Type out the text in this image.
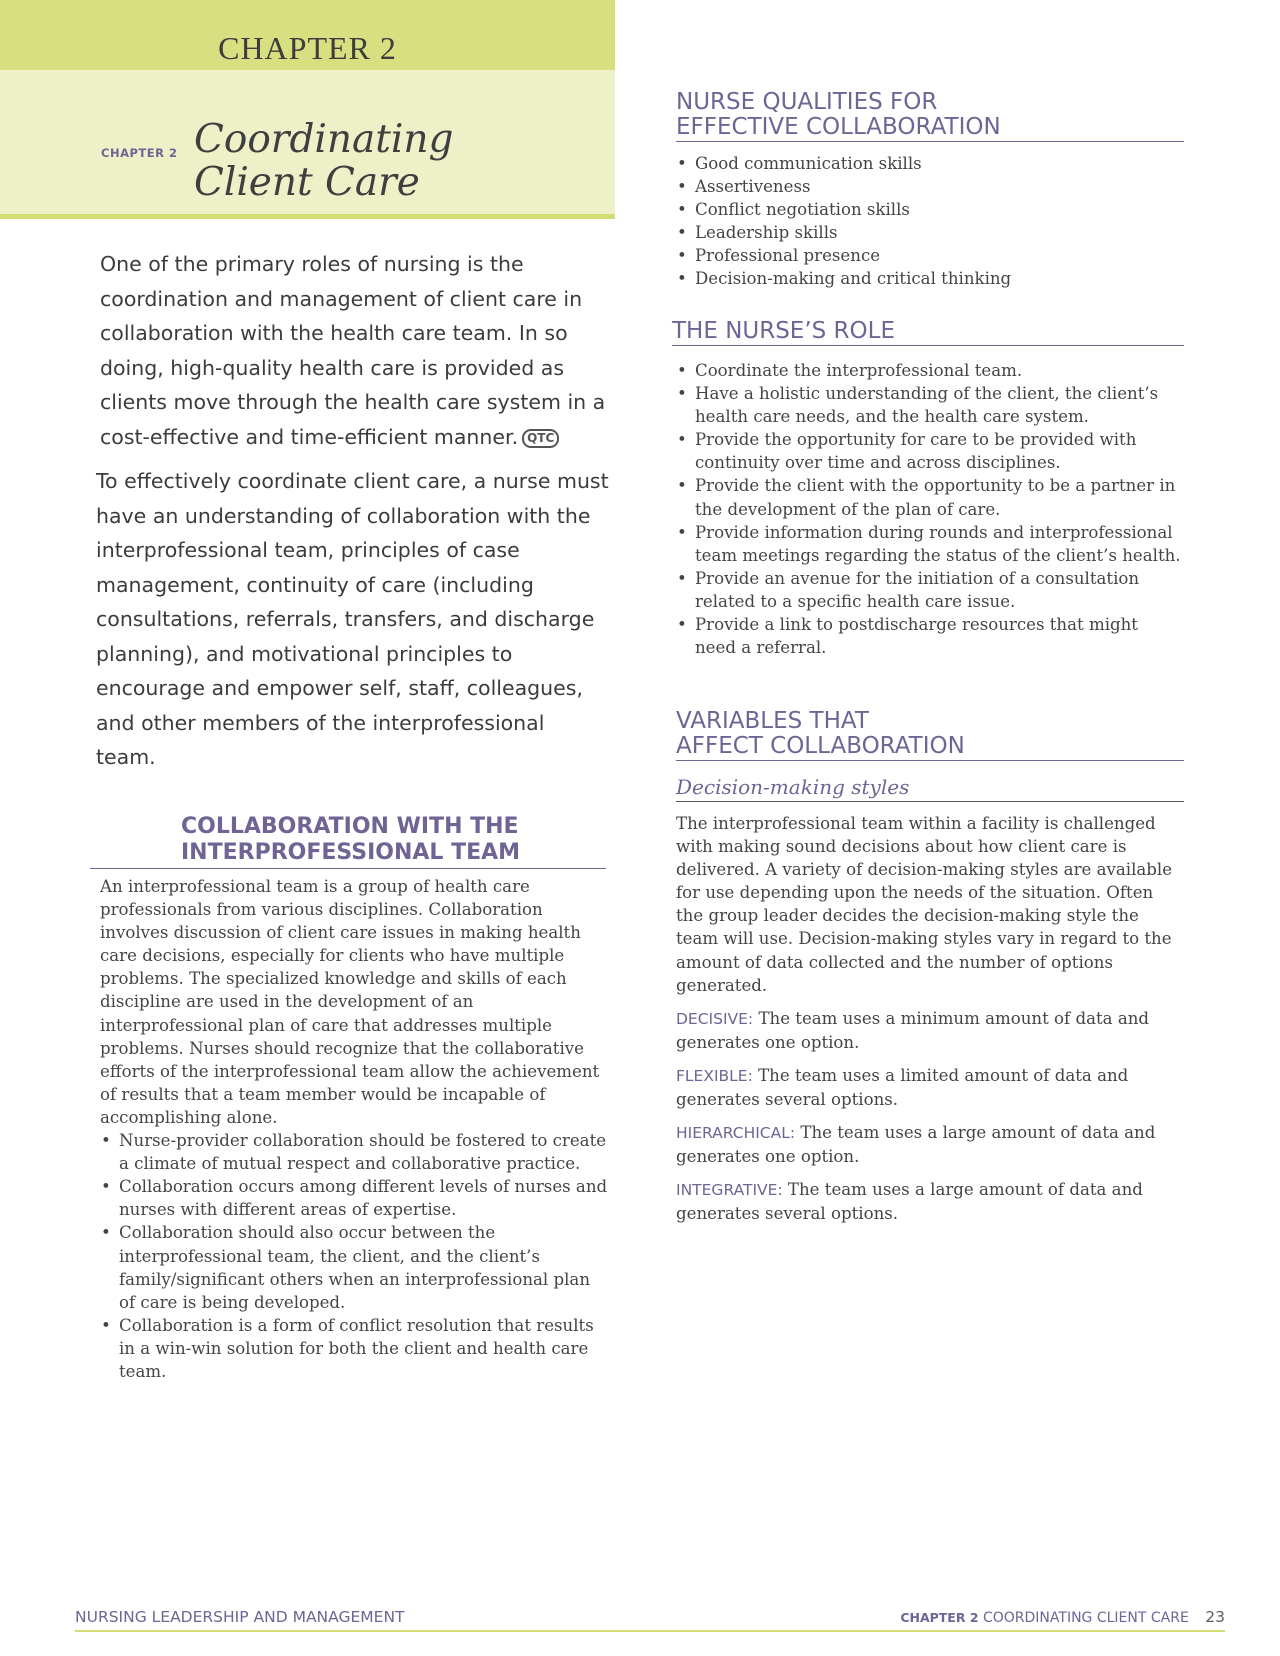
CHAPTER 2
CHAPTER 2 Coordinating
Client Care

One of the primary roles of nursing is the coordination and management of client care in collaboration with the health care team. In so doing, high-quality health care is provided as clients move through the health care system in a cost-effective and time-efficient manner. QTC

To effectively coordinate client care, a nurse must have an understanding of collaboration with the interprofessional team, principles of case management, continuity of care (including consultations, referrals, transfers, and discharge planning), and motivational principles to encourage and empower self, staff, colleagues, and other members of the interprofessional team.

COLLABORATION WITH THE
INTERPROFESSIONAL TEAM

An interprofessional team is a group of health care professionals from various disciplines. Collaboration involves discussion of client care issues in making health care decisions, especially for clients who have multiple problems. The specialized knowledge and skills of each discipline are used in the development of an interprofessional plan of care that addresses multiple problems. Nurses should recognize that the collaborative efforts of the interprofessional team allow the achievement of results that a team member would be incapable of accomplishing alone.

• Nurse-provider collaboration should be fostered to create a climate of mutual respect and collaborative practice.
• Collaboration occurs among different levels of nurses and nurses with different areas of expertise.
• Collaboration should also occur between the interprofessional team, the client, and the client’s family/significant others when an interprofessional plan of care is being developed.
• Collaboration is a form of conflict resolution that results in a win-win solution for both the client and health care team.
NURSE QUALITIES FOR
EFFECTIVE COLLABORATION
• Good communication skills
• Assertiveness
• Conflict negotiation skills
• Leadership skills
• Professional presence
• Decision-making and critical thinking
THE NURSE’S ROLE
• Coordinate the interprofessional team.
• Have a holistic understanding of the client, the client’s health care needs, and the health care system.
• Provide the opportunity for care to be provided with continuity over time and across disciplines.
• Provide the client with the opportunity to be a partner in the development of the plan of care.
• Provide information during rounds and interprofessional team meetings regarding the status of the client’s health.
• Provide an avenue for the initiation of a consultation related to a specific health care issue.
• Provide a link to postdischarge resources that might need a referral.
VARIABLES THAT
AFFECT COLLABORATION
Decision-making styles

The interprofessional team within a facility is challenged with making sound decisions about how client care is delivered. A variety of decision-making styles are available for use depending upon the needs of the situation. Often the group leader decides the decision-making style the team will use. Decision-making styles vary in regard to the amount of data collected and the number of options generated.

DECISIVE: The team uses a minimum amount of data and generates one option.

FLEXIBLE: The team uses a limited amount of data and generates several options.

HIERARCHICAL: The team uses a large amount of data and generates one option.

INTEGRATIVE: The team uses a large amount of data and generates several options.

NURSING LEADERSHIP AND MANAGEMENT	CHAPTER 2 COORDINATING CLIENT CARE 23
